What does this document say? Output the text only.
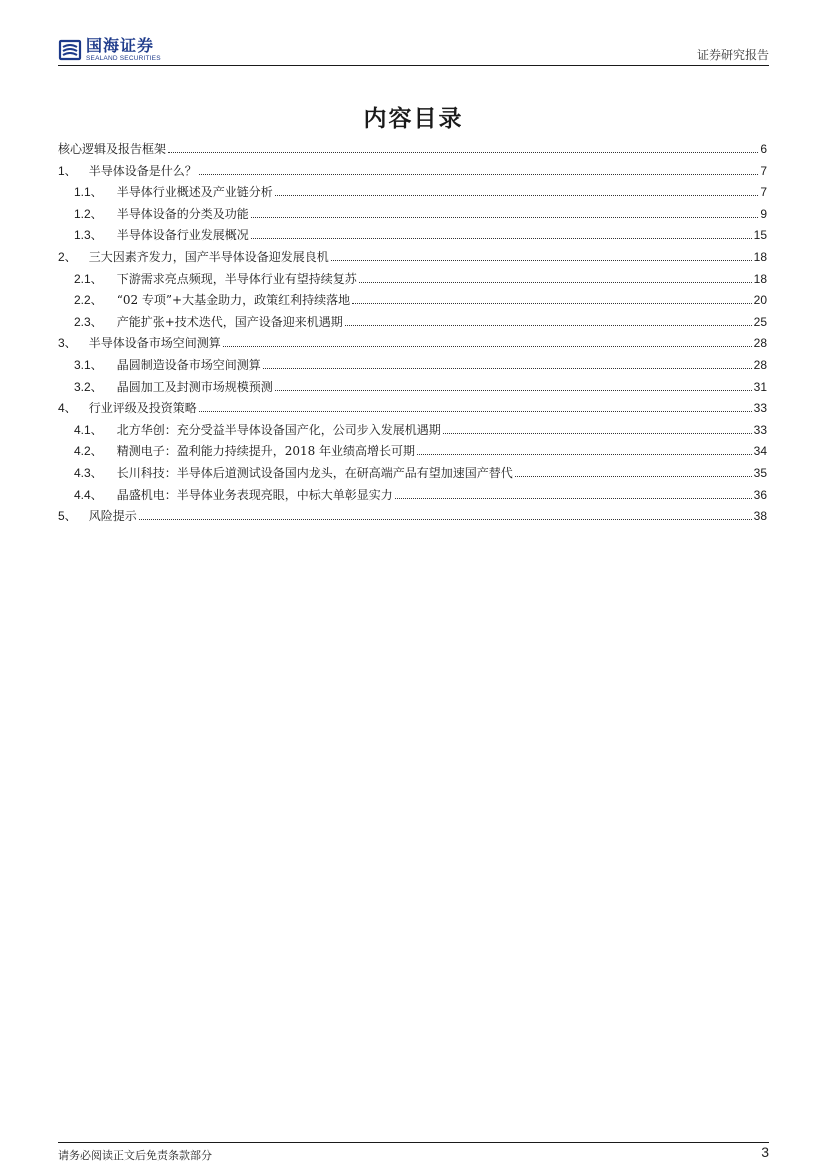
国海证券
SEALAND SECURITIES	证券研究报告
内容目录
核心逻辑及报告框架	6
1、 半导体设备是什么？	7
1.1、 半导体行业概述及产业链分析	7
1.2、 半导体设备的分类及功能	9
1.3、 半导体设备行业发展概况	15
2、 三大因素齐发力，国产半导体设备迎发展良机	18
2.1、 下游需求亮点频现，半导体行业有望持续复苏	18
2.2、 “02 专项”+大基金助力，政策红利持续落地	20
2.3、 产能扩张+技术迭代，国产设备迎来机遇期	25
3、 半导体设备市场空间测算	28
3.1、 晶圆制造设备市场空间测算	28
3.2、 晶圆加工及封测市场规模预测	31
4、 行业评级及投资策略	33
4.1、 北方华创：充分受益半导体设备国产化，公司步入发展机遇期	33
4.2、 精测电子：盈利能力持续提升，2018 年业绩高增长可期	34
4.3、 长川科技：半导体后道测试设备国内龙头，在研高端产品有望加速国产替代	35
4.4、 晶盛机电：半导体业务表现亮眼，中标大单彰显实力	36
5、 风险提示	38
请务必阅读正文后免责条款部分	3
